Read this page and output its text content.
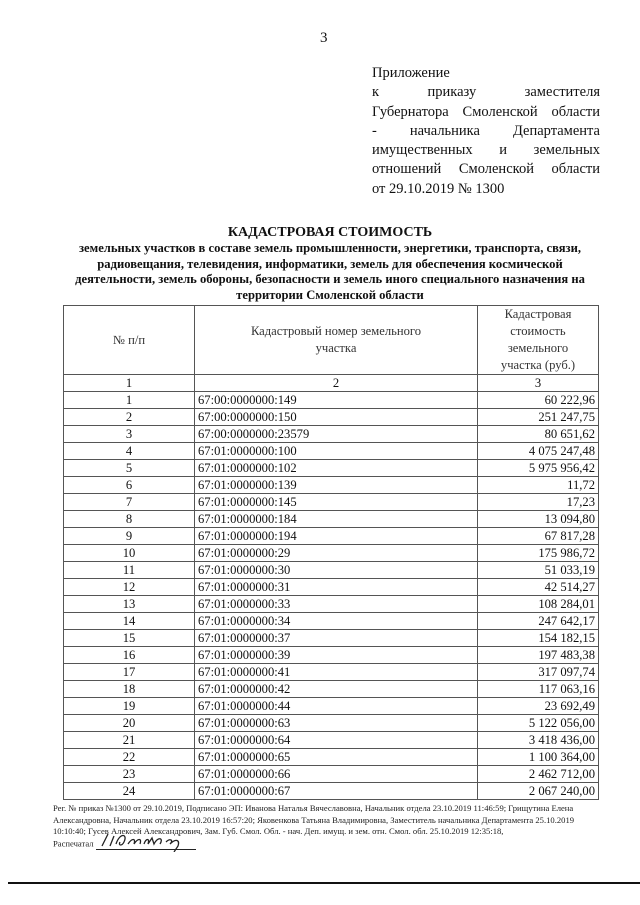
3
Приложение
к приказу заместителя
Губернатора Смоленской области
- начальника Департамента
имущественных и земельных
отношений Смоленской области
от 29.10.2019 № 1300
КАДАСТРОВАЯ СТОИМОСТЬ
земельных участков в составе земель промышленности, энергетики, транспорта, связи, радиовещания, телевидения, информатики, земель для обеспечения космической деятельности, земель обороны, безопасности и земель иного специального назначения на территории Смоленской области
№ п/п	Кадастровый номер земельного участка	Кадастровая стоимость земельного участка (руб.)
1	2	3
1	67:00:0000000:149	60 222,96
2	67:00:0000000:150	251 247,75
3	67:00:0000000:23579	80 651,62
4	67:01:0000000:100	4 075 247,48
5	67:01:0000000:102	5 975 956,42
6	67:01:0000000:139	11,72
7	67:01:0000000:145	17,23
8	67:01:0000000:184	13 094,80
9	67:01:0000000:194	67 817,28
10	67:01:0000000:29	175 986,72
11	67:01:0000000:30	51 033,19
12	67:01:0000000:31	42 514,27
13	67:01:0000000:33	108 284,01
14	67:01:0000000:34	247 642,17
15	67:01:0000000:37	154 182,15
16	67:01:0000000:39	197 483,38
17	67:01:0000000:41	317 097,74
18	67:01:0000000:42	117 063,16
19	67:01:0000000:44	23 692,49
20	67:01:0000000:63	5 122 056,00
21	67:01:0000000:64	3 418 436,00
22	67:01:0000000:65	1 100 364,00
23	67:01:0000000:66	2 462 712,00
24	67:01:0000000:67	2 067 240,00
Рег. № приказ №1300 от 29.10.2019, Подписано ЭП: Иванова Наталья Вячеславовна, Начальник отдела 23.10.2019 11:46:59; Грищутина Елена Александровна, Начальник отдела 23.10.2019 16:57:20; Яковенкова Татьяна Владимировна, Заместитель начальника Департамента 25.10.2019 10:10:40; Гусев Алексей Александрович, Зам. Губ. Смол. Обл. - нач. Деп. имущ. и зем. отн. Смол. обл. 25.10.2019 12:35:18,
Распечатал
